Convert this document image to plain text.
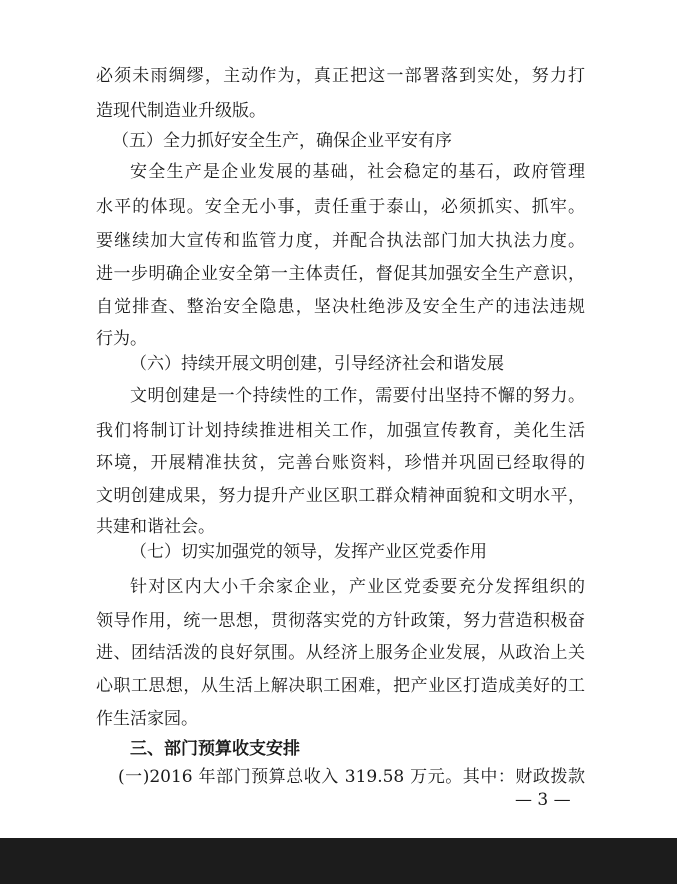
必须未雨绸缪，主动作为，真正把这一部署落到实处，努力打
造现代制造业升级版。
（五）全力抓好安全生产，确保企业平安有序
安全生产是企业发展的基础，社会稳定的基石，政府管理
水平的体现。安全无小事，责任重于泰山，必须抓实、抓牢。
要继续加大宣传和监管力度，并配合执法部门加大执法力度。
进一步明确企业安全第一主体责任，督促其加强安全生产意识，
自觉排查、整治安全隐患，坚决杜绝涉及安全生产的违法违规
行为。
（六）持续开展文明创建，引导经济社会和谐发展
文明创建是一个持续性的工作，需要付出坚持不懈的努力。
我们将制订计划持续推进相关工作，加强宣传教育，美化生活
环境，开展精准扶贫，完善台账资料，珍惜并巩固已经取得的
文明创建成果，努力提升产业区职工群众精神面貌和文明水平，
共建和谐社会。
（七）切实加强党的领导，发挥产业区党委作用
针对区内大小千余家企业，产业区党委要充分发挥组织的
领导作用，统一思想，贯彻落实党的方针政策，努力营造积极奋
进、团结活泼的良好氛围。从经济上服务企业发展，从政治上关
心职工思想，从生活上解决职工困难，把产业区打造成美好的工
作生活家园。
三、部门预算收支安排
(一)2016 年部门预算总收入 319.58 万元。其中：财政拨款
— 3 —
